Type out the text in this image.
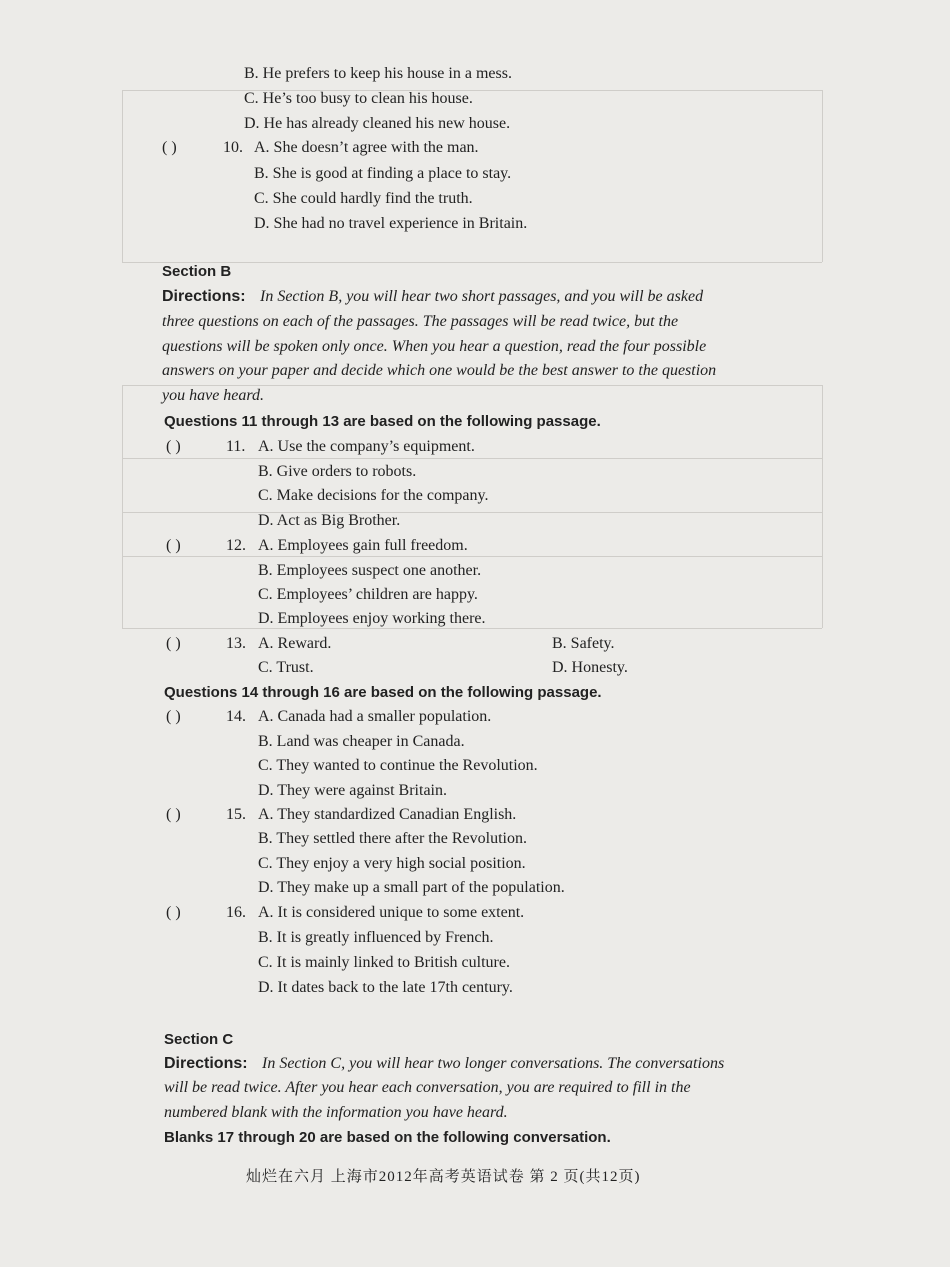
B. He prefers to keep his house in a mess.
C. He’s too busy to clean his house.
D. He has already cleaned his new house.
( )	10. A. She doesn’t agree with the man.
B. She is good at finding a place to stay.
C. She could hardly find the truth.
D. She had no travel experience in Britain.
Section B
Directions: In Section B, you will hear two short passages, and you will be asked
three questions on each of the passages. The passages will be read twice, but the
questions will be spoken only once. When you hear a question, read the four possible
answers on your paper and decide which one would be the best answer to the question
you have heard.
Questions 11 through 13 are based on the following passage.
( )	11. A. Use the company’s equipment.
B. Give orders to robots.
C. Make decisions for the company.
D. Act as Big Brother.
( )	12. A. Employees gain full freedom.
B. Employees suspect one another.
C. Employees’ children are happy.
D. Employees enjoy working there.
( )	13. A. Reward.	B. Safety.
C. Trust.	D. Honesty.
Questions 14 through 16 are based on the following passage.
( )	14. A. Canada had a smaller population.
B. Land was cheaper in Canada.
C. They wanted to continue the Revolution.
D. They were against Britain.
( )	15. A. They standardized Canadian English.
B. They settled there after the Revolution.
C. They enjoy a very high social position.
D. They make up a small part of the population.
( )	16. A. It is considered unique to some extent.
B. It is greatly influenced by French.
C. It is mainly linked to British culture.
D. It dates back to the late 17th century.
Section C
Directions: In Section C, you will hear two longer conversations. The conversations
will be read twice. After you hear each conversation, you are required to fill in the
numbered blank with the information you have heard.
Blanks 17 through 20 are based on the following conversation.
灿烂在六月 上海市2012年高考英语试卷 第 2 页(共12页)
